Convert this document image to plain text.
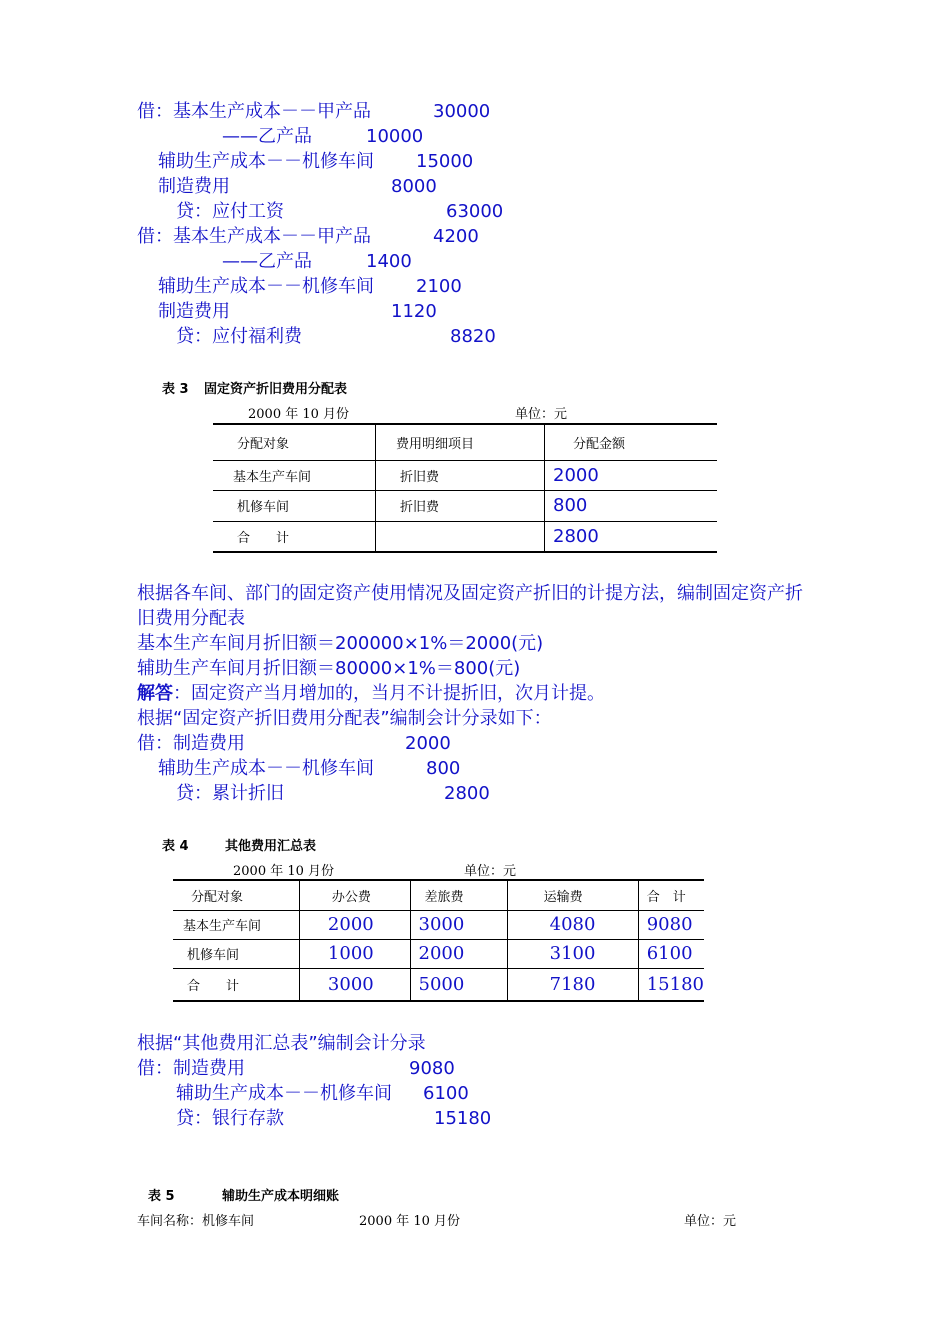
借：基本生产成本－－甲产品	30000
——乙产品	10000
辅助生产成本－－机修车间 15000
制造费用	8000
贷：应付工资	63000
借：基本生产成本－－甲产品	4200
——乙产品	1400
辅助生产成本－－机修车间 2100
制造费用	1120
贷：应付福利费	8820
表 3 固定资产折旧费用分配表
2000 年 10 月份	单位：元
分配对象	费用明细项目	分配金额
基本生产车间	折旧费	2000
机修车间	折旧费	800
合　　计		2800
根据各车间、部门的固定资产使用情况及固定资产折旧的计提方法，编制固定资产折
旧费用分配表
基本生产车间月折旧额＝200000×1%＝2000(元)
辅助生产车间月折旧额＝80000×1%＝800(元)
解答：固定资产当月增加的，当月不计提折旧，次月计提。
根据“固定资产折旧费用分配表”编制会计分录如下：
借：制造费用	2000
辅助生产成本－－机修车间	800
贷：累计折旧	2800
表 4	其他费用汇总表
2000 年 10 月份	单位：元
分配对象	办公费	差旅费	运输费	合　计
基本生产车间	2000	3000	4080	9080
机修车间	1000	2000	3100	6100
合　　计	3000	5000	7180	15180
根据“其他费用汇总表”编制会计分录
借：制造费用	9080
辅助生产成本－－机修车间 6100
贷：银行存款	15180
表 5	辅助生产成本明细账
车间名称：机修车间	2000 年 10 月份	单位：元
